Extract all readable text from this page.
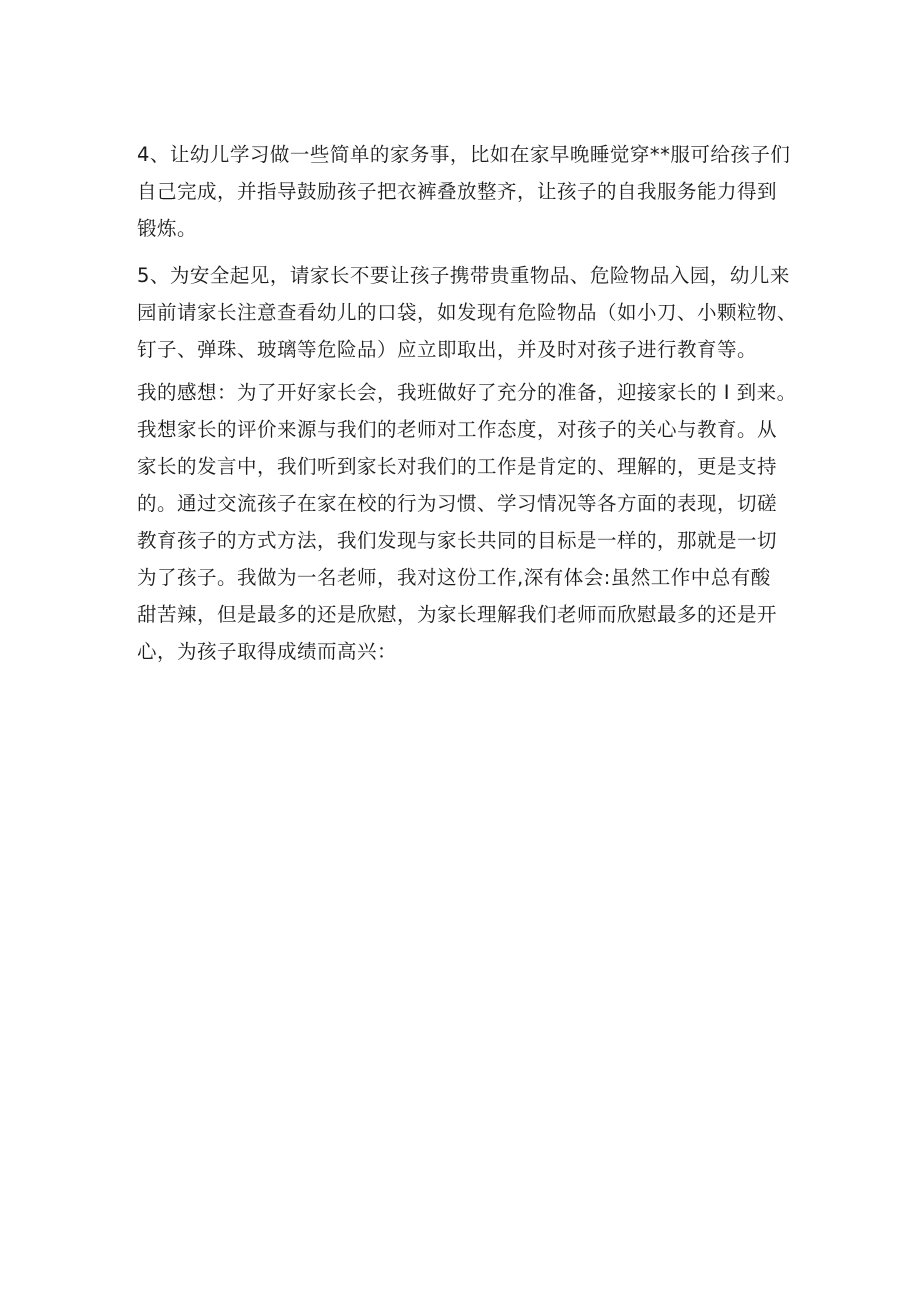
4、让幼儿学习做一些简单的家务事，比如在家早晚睡觉穿**服可给孩子们
自己完成，并指导鼓励孩子把衣裤叠放整齐，让孩子的自我服务能力得到
锻炼。
5、为安全起见，请家长不要让孩子携带贵重物品、危险物品入园，幼儿来
园前请家长注意查看幼儿的口袋，如发现有危险物品（如小刀、小颗粒物、
钉子、弹珠、玻璃等危险品）应立即取出，并及时对孩子进行教育等。
我的感想：为了开好家长会，我班做好了充分的准备，迎接家长的 I 到来。
我想家长的评价来源与我们的老师对工作态度，对孩子的关心与教育。从
家长的发言中，我们听到家长对我们的工作是肯定的、理解的，更是支持
的。通过交流孩子在家在校的行为习惯、学习情况等各方面的表现，切磋
教育孩子的方式方法，我们发现与家长共同的目标是一样的，那就是一切
为了孩子。我做为一名老师，我对这份工作,深有体会:虽然工作中总有酸
甜苦辣，但是最多的还是欣慰，为家长理解我们老师而欣慰最多的还是开
心，为孩子取得成绩而高兴：
